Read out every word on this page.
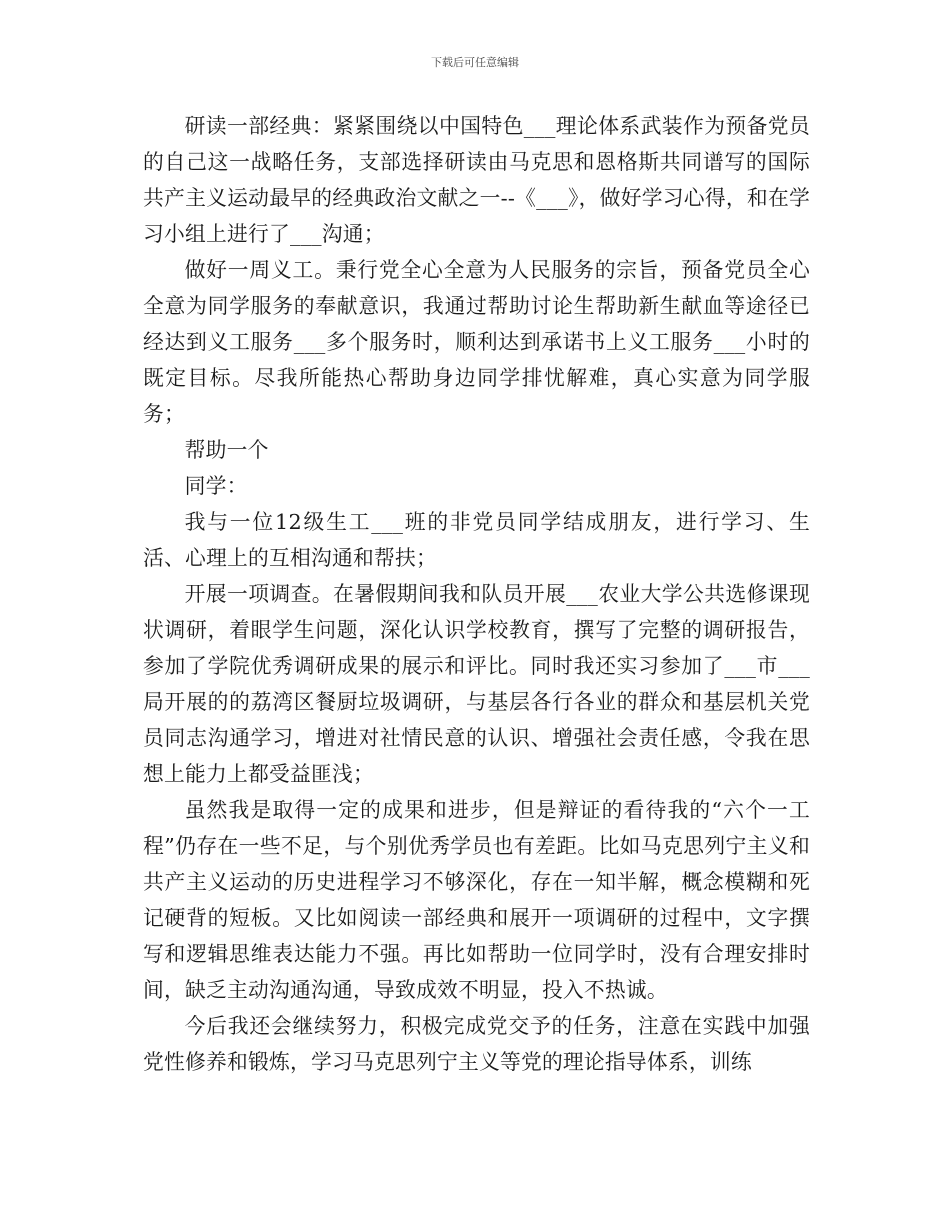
下载后可任意编辑

研读一部经典：紧紧围绕以中国特色___理论体系武装作为预备党员的自己这一战略任务，支部选择研读由马克思和恩格斯共同谱写的国际共产主义运动最早的经典政治文献之一--《___》，做好学习心得，和在学习小组上进行了___沟通；

做好一周义工。秉行党全心全意为人民服务的宗旨，预备党员全心全意为同学服务的奉献意识，我通过帮助讨论生帮助新生献血等途径已经达到义工服务___多个服务时，顺利达到承诺书上义工服务___小时的既定目标。尽我所能热心帮助身边同学排忧解难，真心实意为同学服务；

帮助一个

同学：

我与一位12级生工___班的非党员同学结成朋友，进行学习、生活、心理上的互相沟通和帮扶；

开展一项调查。在暑假期间我和队员开展___农业大学公共选修课现状调研，着眼学生问题，深化认识学校教育，撰写了完整的调研报告，参加了学院优秀调研成果的展示和评比。同时我还实习参加了___市___局开展的的荔湾区餐厨垃圾调研，与基层各行各业的群众和基层机关党员同志沟通学习，增进对社情民意的认识、增强社会责任感，令我在思想上能力上都受益匪浅；

虽然我是取得一定的成果和进步，但是辩证的看待我的“六个一工程”仍存在一些不足，与个别优秀学员也有差距。比如马克思列宁主义和共产主义运动的历史进程学习不够深化，存在一知半解，概念模糊和死记硬背的短板。又比如阅读一部经典和展开一项调研的过程中，文字撰写和逻辑思维表达能力不强。再比如帮助一位同学时，没有合理安排时间，缺乏主动沟通沟通，导致成效不明显，投入不热诚。

今后我还会继续努力，积极完成党交予的任务，注意在实践中加强党性修养和锻炼，学习马克思列宁主义等党的理论指导体系，训练
